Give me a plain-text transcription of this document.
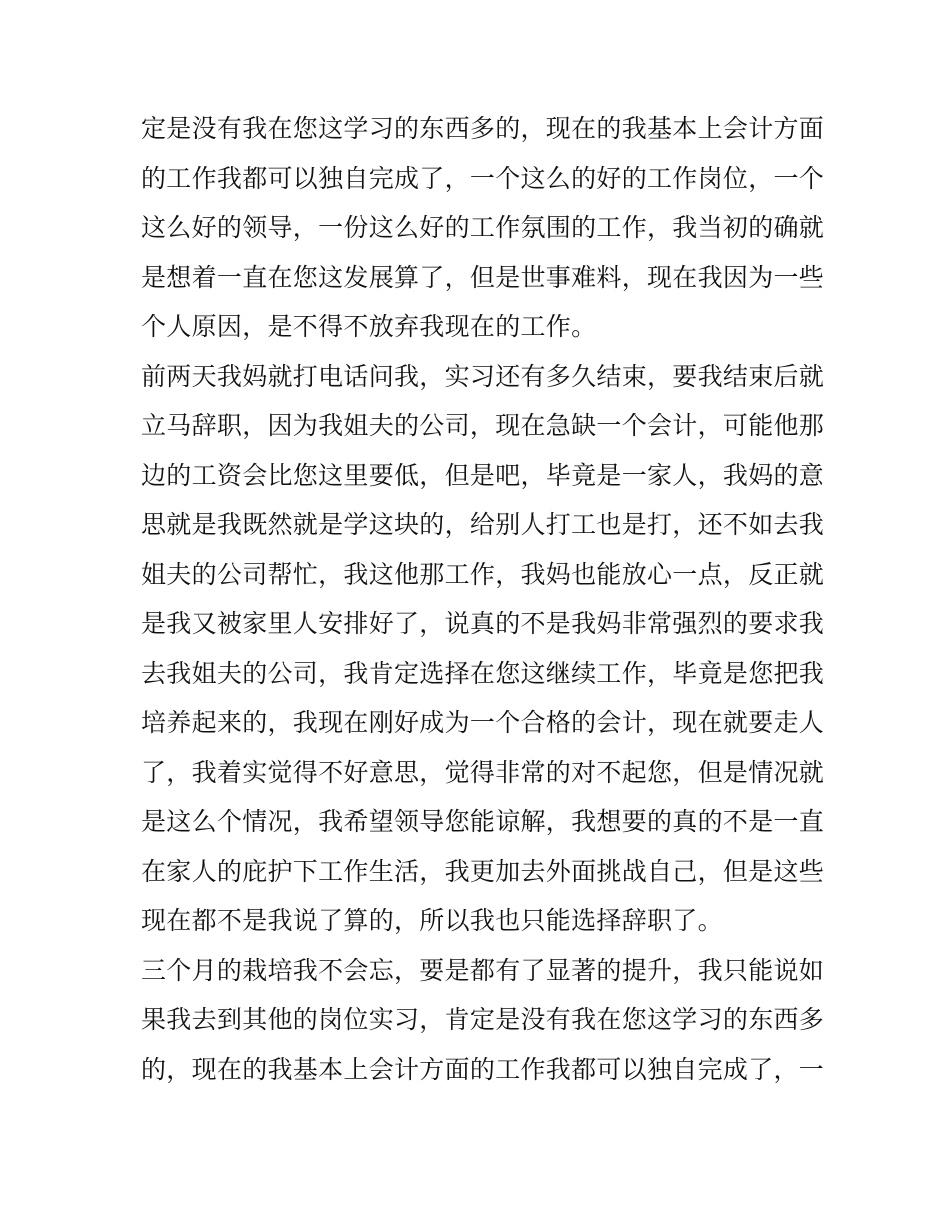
定是没有我在您这学习的东西多的，现在的我基本上会计方面
的工作我都可以独自完成了，一个这么的好的工作岗位，一个
这么好的领导，一份这么好的工作氛围的工作，我当初的确就
是想着一直在您这发展算了，但是世事难料，现在我因为一些
个人原因，是不得不放弃我现在的工作。
前两天我妈就打电话问我，实习还有多久结束，要我结束后就
立马辞职，因为我姐夫的公司，现在急缺一个会计，可能他那
边的工资会比您这里要低，但是吧，毕竟是一家人，我妈的意
思就是我既然就是学这块的，给别人打工也是打，还不如去我
姐夫的公司帮忙，我这他那工作，我妈也能放心一点，反正就
是我又被家里人安排好了，说真的不是我妈非常强烈的要求我
去我姐夫的公司，我肯定选择在您这继续工作，毕竟是您把我
培养起来的，我现在刚好成为一个合格的会计，现在就要走人
了，我着实觉得不好意思，觉得非常的对不起您，但是情况就
是这么个情况，我希望领导您能谅解，我想要的真的不是一直
在家人的庇护下工作生活，我更加去外面挑战自己，但是这些
现在都不是我说了算的，所以我也只能选择辞职了。
三个月的栽培我不会忘，要是都有了显著的提升，我只能说如
果我去到其他的岗位实习，肯定是没有我在您这学习的东西多
的，现在的我基本上会计方面的工作我都可以独自完成了，一
